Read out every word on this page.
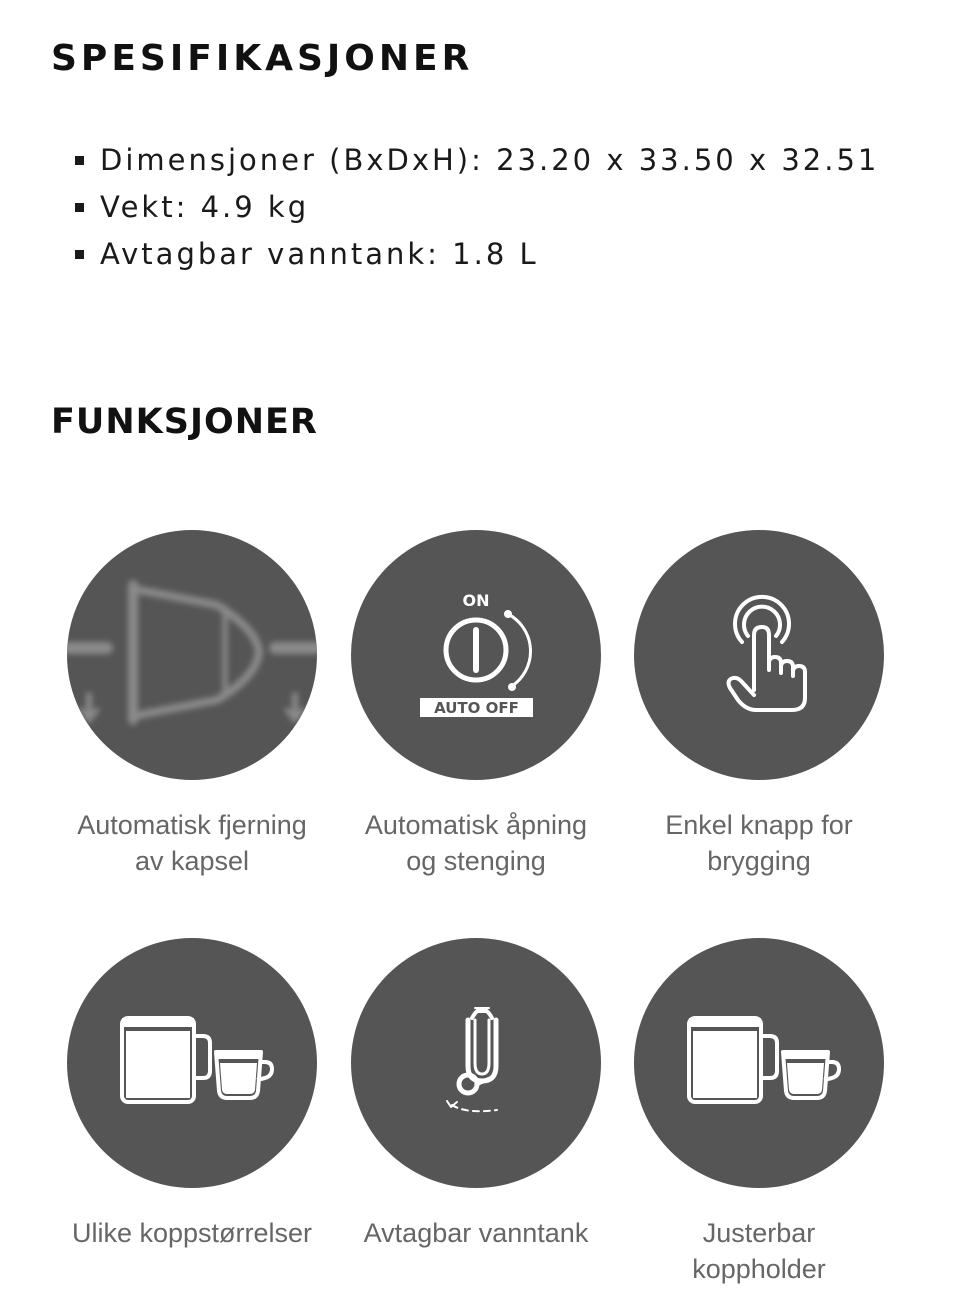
SPESIFIKASJONER
Dimensjoner (BxDxH): 23.20 x 33.50 x 32.51
Vekt: 4.9 kg
Avtagbar vanntank: 1.8 L
FUNKSJONER
Automatisk fjerning
av kapsel
ON
AUTO OFF
Automatisk åpning
og stenging
Enkel knapp for
brygging
Ulike koppstørrelser	Avtagbar vanntank	Justerbar
koppholder
